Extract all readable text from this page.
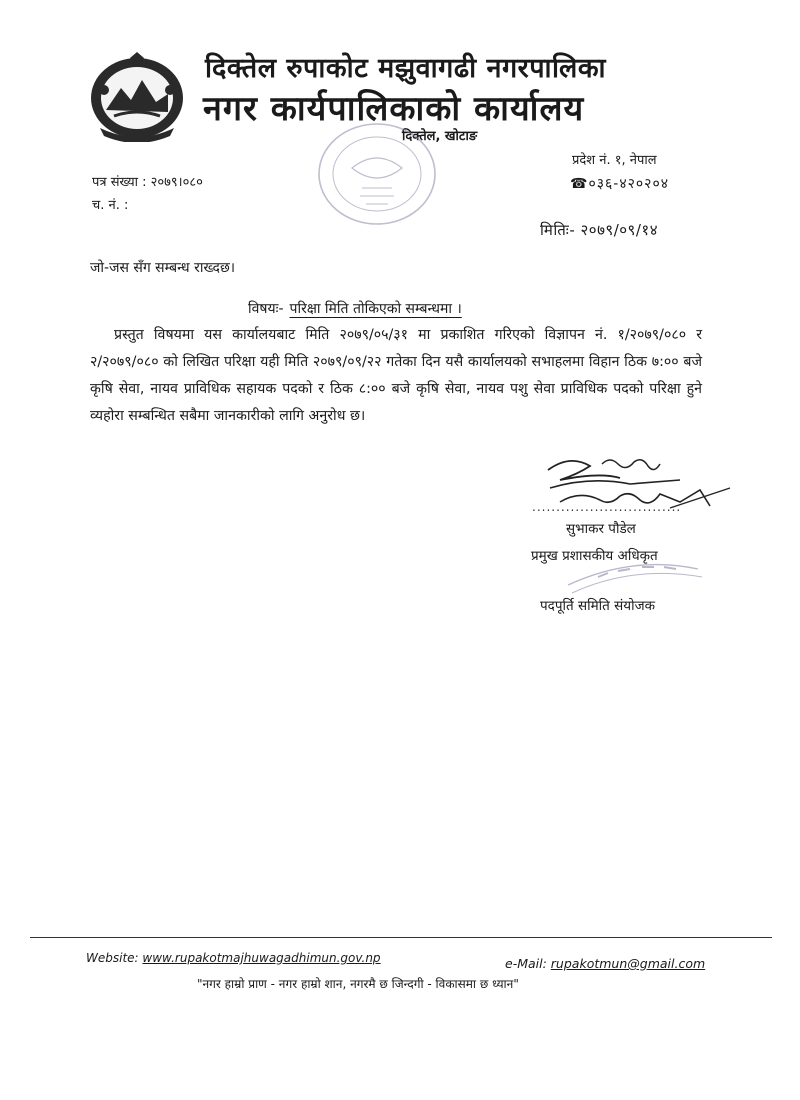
दिक्तेल रुपाकोट मझुवागढी नगरपालिका
नगर कार्यपालिकाको कार्यालय
दिक्तेल, खोटाङ
प्रदेश नं. १, नेपाल
☎०३६-४२०२०४
पत्र संख्या : २०७९।०८०
च. नं. :
मितिः- २०७९/०९/१४
जो-जस सँग सम्बन्ध राख्दछ।
विषयः- परिक्षा मिति तोकिएको सम्बन्धमा ।

प्रस्तुत विषयमा यस कार्यालयबाट मिति २०७९/०५/३१ मा प्रकाशित गरिएको विज्ञापन नं. १/२०७९/०८० र २/२०७९/०८० को लिखित परिक्षा यही मिति २०७९/०९/२२ गतेका दिन यसै कार्यालयको सभाहलमा विहान ठिक ७:०० बजे कृषि सेवा, नायव प्राविधिक सहायक पदको र ठिक ८:०० बजे कृषि सेवा, नायव पशु सेवा प्राविधिक पदको परिक्षा हुने व्यहोरा सम्बन्धित सबैमा जानकारीको लागि अनुरोध छ।

...............................
सुभाकर पौडेल
प्रमुख प्रशासकीय अधिकृत
पदपूर्ति समिति संयोजक
Website: www.rupakotmajhuwagadhimun.gov.np	e-Mail: rupakotmun@gmail.com
"नगर हाम्रो प्राण - नगर हाम्रो शान, नगरमै छ जिन्दगी - विकासमा छ ध्यान"
